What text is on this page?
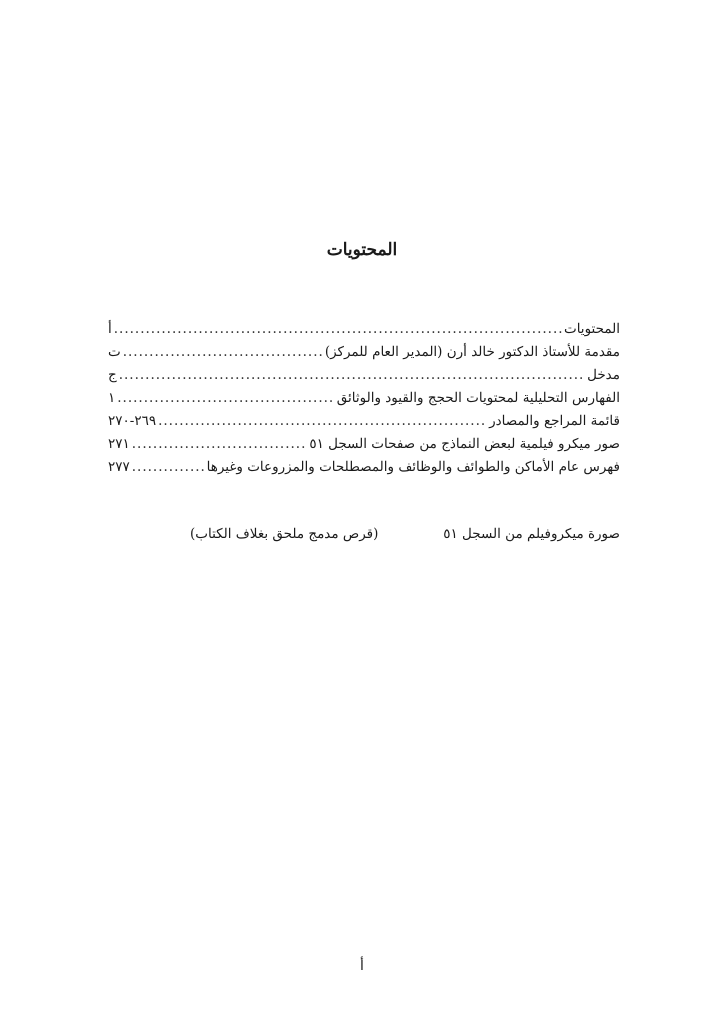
المحتويات
المحتويات
.....
أ
مقدمة للأستاذ الدكتور خالد أرن (المدير العام للمركز)
.....
ت
مدخل
.....
ج
الفهارس التحليلية لمحتويات الحجج والقيود والوثائق
.....
١
قائمة المراجع والمصادر
.....
٢٦٩-٢٧٠
صور ميكرو فيلمية لبعض النماذج من صفحات السجل ٥١
.....
٢٧١
فهرس عام الأماكن والطوائف والوظائف والمصطلحات والمزروعات وغيرها
.....
٢٧٧
صورة ميكروفيلم من السجل ٥١
(قرص مدمج ملحق بغلاف الكتاب)
أ
